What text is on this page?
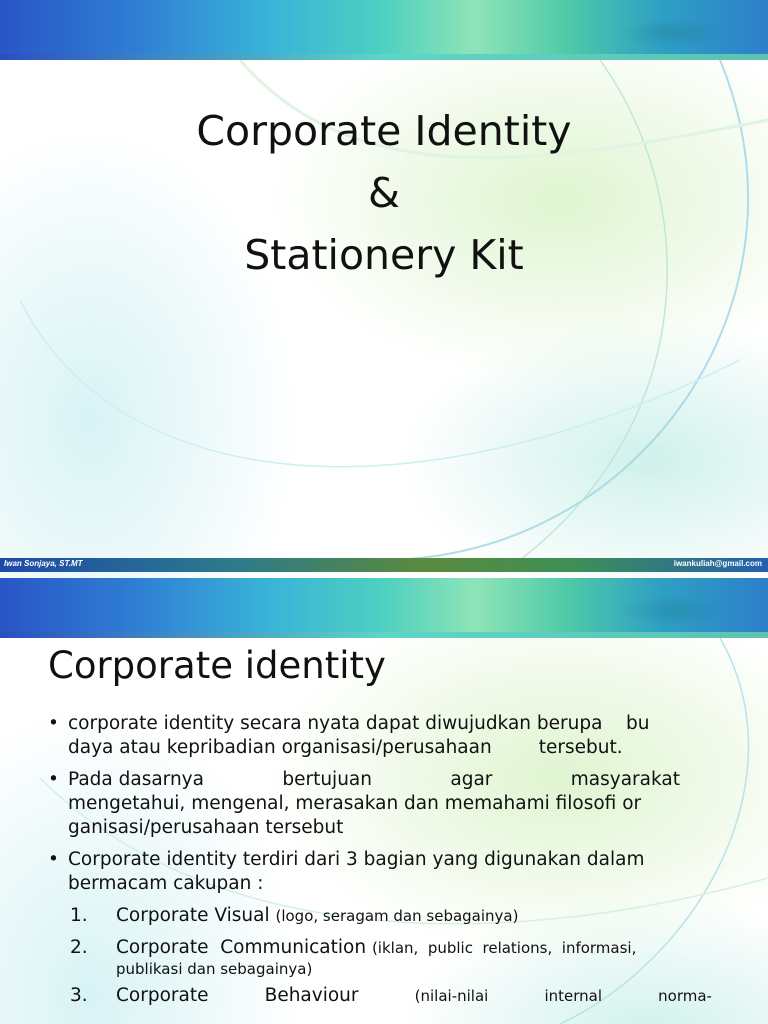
Corporate Identity
&
Stationery Kit
Iwan Sonjaya, ST.MT	iwankuliah@gmail.com
Corporate identity
• corporate identity secara nyata dapat diwujudkan berupa    bu
daya atau kepribadian organisasi/perusahaan        tersebut.
• Pada dasarnya	bertujuan	agar	masyarakat
mengetahui, mengenal, merasakan dan memahami filosofi or
ganisasi/perusahaan tersebut
• Corporate identity terdiri dari 3 bagian yang digunakan dalam
bermacam cakupan :
1. Corporate Visual (logo, seragam dan sebagainya)
2. Corporate  Communication (iklan,  public  relations,  informasi,
publikasi dan sebagainya)
3. Corporate	Behaviour	(nilai-nilai	internal	norma-
